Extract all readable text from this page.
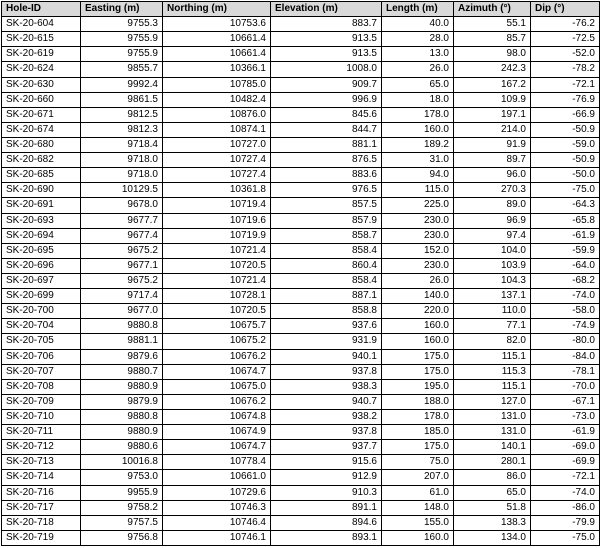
Hole-ID	Easting (m)	Northing (m)	Elevation (m)	Length (m)	Azimuth (°)	Dip (°)
SK-20-604	9755.3	10753.6	883.7	40.0	55.1	-76.2
SK-20-615	9755.9	10661.4	913.5	28.0	85.7	-72.5
SK-20-619	9755.9	10661.4	913.5	13.0	98.0	-52.0
SK-20-624	9855.7	10366.1	1008.0	26.0	242.3	-78.2
SK-20-630	9992.4	10785.0	909.7	65.0	167.2	-72.1
SK-20-660	9861.5	10482.4	996.9	18.0	109.9	-76.9
SK-20-671	9812.5	10876.0	845.6	178.0	197.1	-66.9
SK-20-674	9812.3	10874.1	844.7	160.0	214.0	-50.9
SK-20-680	9718.4	10727.0	881.1	189.2	91.9	-59.0
SK-20-682	9718.0	10727.4	876.5	31.0	89.7	-50.9
SK-20-685	9718.0	10727.4	883.6	94.0	96.0	-50.0
SK-20-690	10129.5	10361.8	976.5	115.0	270.3	-75.0
SK-20-691	9678.0	10719.4	857.5	225.0	89.0	-64.3
SK-20-693	9677.7	10719.6	857.9	230.0	96.9	-65.8
SK-20-694	9677.4	10719.9	858.7	230.0	97.4	-61.9
SK-20-695	9675.2	10721.4	858.4	152.0	104.0	-59.9
SK-20-696	9677.1	10720.5	860.4	230.0	103.9	-64.0
SK-20-697	9675.2	10721.4	858.4	26.0	104.3	-68.2
SK-20-699	9717.4	10728.1	887.1	140.0	137.1	-74.0
SK-20-700	9677.0	10720.5	858.8	220.0	110.0	-58.0
SK-20-704	9880.8	10675.7	937.6	160.0	77.1	-74.9
SK-20-705	9881.1	10675.2	931.9	160.0	82.0	-80.0
SK-20-706	9879.6	10676.2	940.1	175.0	115.1	-84.0
SK-20-707	9880.7	10674.7	937.8	175.0	115.3	-78.1
SK-20-708	9880.9	10675.0	938.3	195.0	115.1	-70.0
SK-20-709	9879.9	10676.2	940.7	188.0	127.0	-67.1
SK-20-710	9880.8	10674.8	938.2	178.0	131.0	-73.0
SK-20-711	9880.9	10674.9	937.8	185.0	131.0	-61.9
SK-20-712	9880.6	10674.7	937.7	175.0	140.1	-69.0
SK-20-713	10016.8	10778.4	915.6	75.0	280.1	-69.9
SK-20-714	9753.0	10661.0	912.9	207.0	86.0	-72.1
SK-20-716	9955.9	10729.6	910.3	61.0	65.0	-74.0
SK-20-717	9758.2	10746.3	891.1	148.0	51.8	-86.0
SK-20-718	9757.5	10746.4	894.6	155.0	138.3	-79.9
SK-20-719	9756.8	10746.1	893.1	160.0	134.0	-75.0
